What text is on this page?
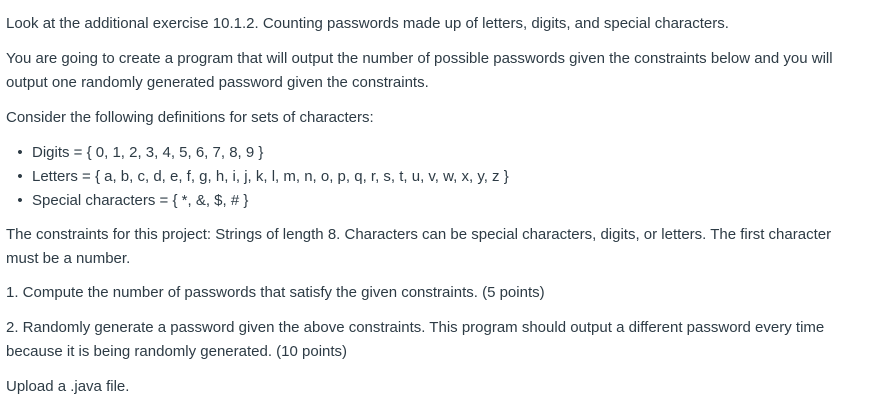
Look at the additional exercise 10.1.2. Counting passwords made up of letters, digits, and special characters.

You are going to create a program that will output the number of possible passwords given the constraints below and you will output one randomly generated password given the constraints.

Consider the following definitions for sets of characters:

• Digits = { 0, 1, 2, 3, 4, 5, 6, 7, 8, 9 }
• Letters = { a, b, c, d, e, f, g, h, i, j, k, l, m, n, o, p, q, r, s, t, u, v, w, x, y, z }
• Special characters = { *, &, $, # }

The constraints for this project: Strings of length 8. Characters can be special characters, digits, or letters. The first character must be a number.

1. Compute the number of passwords that satisfy the given constraints. (5 points)

2. Randomly generate a password given the above constraints. This program should output a different password every time because it is being randomly generated. (10 points)

Upload a .java file.
